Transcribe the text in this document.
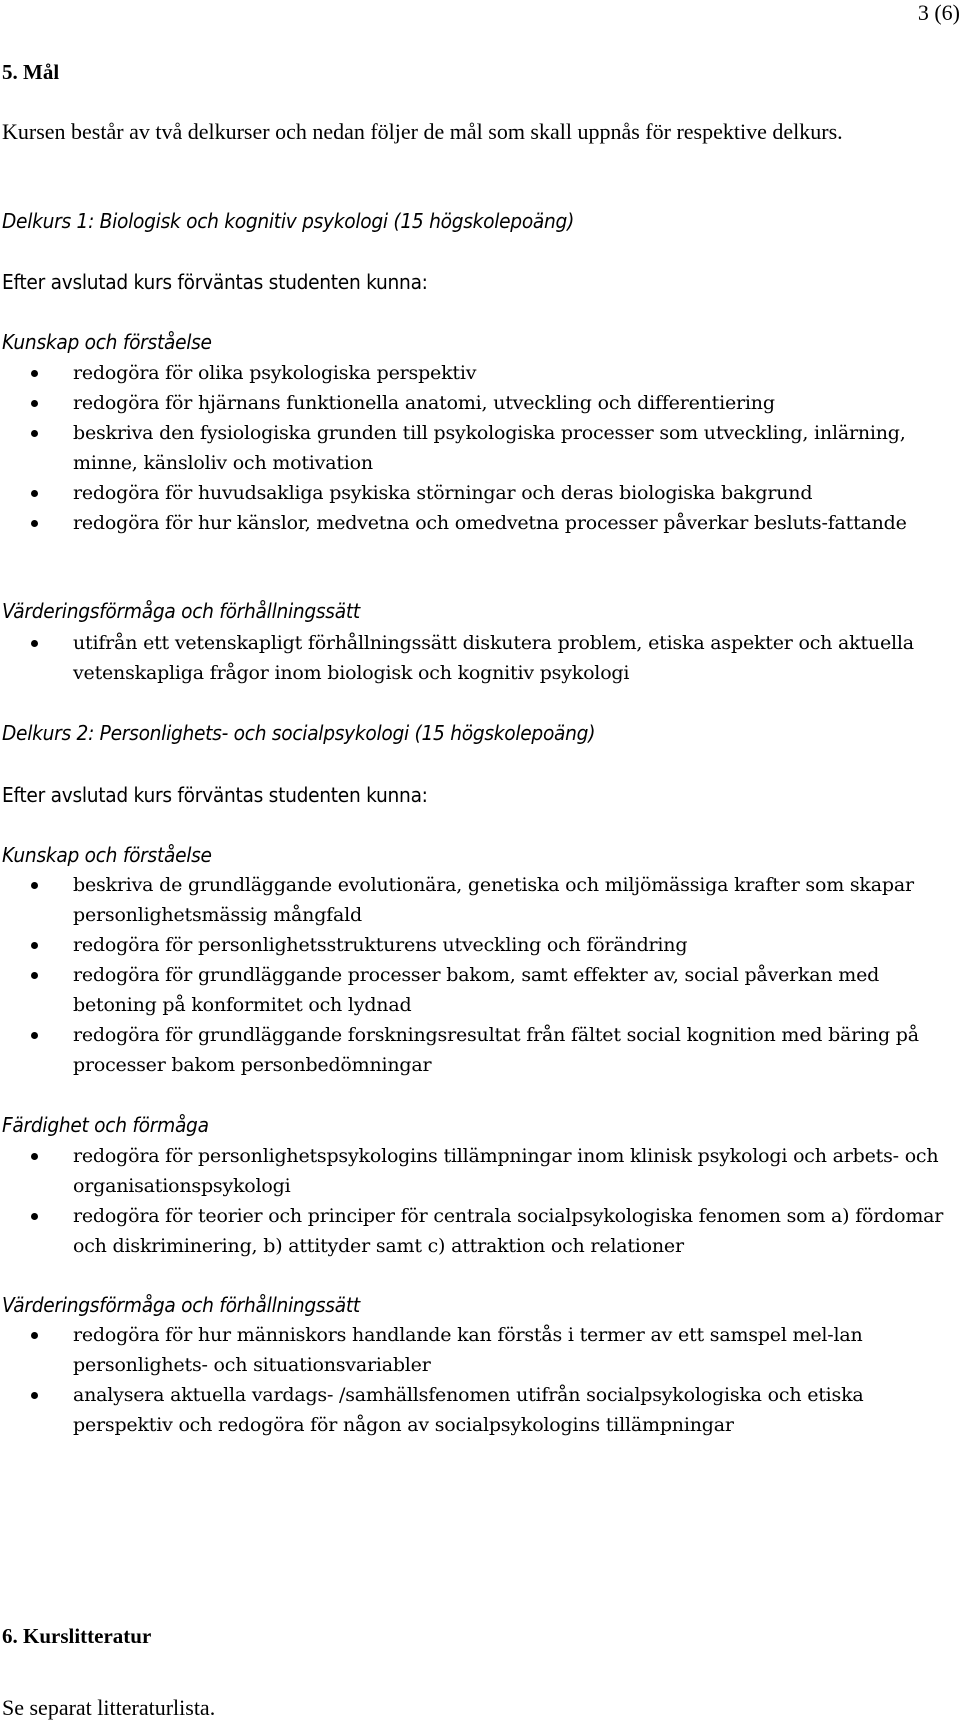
3 (6)
5. Mål
Kursen består av två delkurser och nedan följer de mål som skall uppnås för respektive delkurs.
Delkurs 1: Biologisk och kognitiv psykologi (15 högskolepoäng)
Efter avslutad kurs förväntas studenten kunna:
Kunskap och förståelse
redogöra för olika psykologiska perspektiv
redogöra för hjärnans funktionella anatomi, utveckling och differentiering
beskriva den fysiologiska grunden till psykologiska processer som utveckling, inlärning, minne, känsloliv och motivation
redogöra för huvudsakliga psykiska störningar och deras biologiska bakgrund
redogöra för hur känslor, medvetna och omedvetna processer påverkar besluts-fattande
Värderingsförmåga och förhållningssätt
utifrån ett vetenskapligt förhållningssätt diskutera problem, etiska aspekter och aktuella vetenskapliga frågor inom biologisk och kognitiv psykologi
Delkurs 2: Personlighets- och socialpsykologi (15 högskolepoäng)
Efter avslutad kurs förväntas studenten kunna:
Kunskap och förståelse
beskriva de grundläggande evolutionära, genetiska och miljömässiga krafter som skapar personlighetsmässig mångfald
redogöra för personlighetsstrukturens utveckling och förändring
redogöra för grundläggande processer bakom, samt effekter av, social påverkan med betoning på konformitet och lydnad
redogöra för grundläggande forskningsresultat från fältet social kognition med bäring på processer bakom personbedömningar
Färdighet och förmåga
redogöra för personlighetspsykologins tillämpningar inom klinisk psykologi och arbets- och organisationspsykologi
redogöra för teorier och principer för centrala socialpsykologiska fenomen som a) fördomar och diskriminering, b) attityder samt c) attraktion och relationer
Värderingsförmåga och förhållningssätt
redogöra för hur människors handlande kan förstås i termer av ett samspel mel-lan personlighets- och situationsvariabler
analysera aktuella vardags- /samhällsfenomen utifrån socialpsykologiska och etiska perspektiv och redogöra för någon av socialpsykologins tillämpningar
6. Kurslitteratur
Se separat litteraturlista.
